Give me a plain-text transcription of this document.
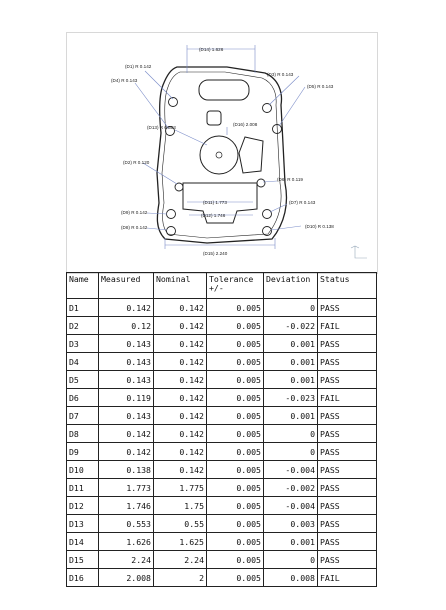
(D14) 1.626
(D1) R 0.142
(D4) R 0.143
(D3) R 0.143
(D5) R 0.143
(D13) R 0.553
(D16) 2.008
(D2) R 0.120
(D6) R 0.119
(D11) 1.773	(D7) R 0.143
(D9) R 0.142
(D12) 1.746
(D10) R 0.138
(D8) R 0.142
(D15) 2.240
Name	Measured	Nominal	Tolerance +/-	Deviation	Status
D1	0.142	0.142	0.005	0	PASS
D2	0.12	0.142	0.005	-0.022	FAIL
D3	0.143	0.142	0.005	0.001	PASS
D4	0.143	0.142	0.005	0.001	PASS
D5	0.143	0.142	0.005	0.001	PASS
D6	0.119	0.142	0.005	-0.023	FAIL
D7	0.143	0.142	0.005	0.001	PASS
D8	0.142	0.142	0.005	0	PASS
D9	0.142	0.142	0.005	0	PASS
D10	0.138	0.142	0.005	-0.004	PASS
D11	1.773	1.775	0.005	-0.002	PASS
D12	1.746	1.75	0.005	-0.004	PASS
D13	0.553	0.55	0.005	0.003	PASS
D14	1.626	1.625	0.005	0.001	PASS
D15	2.24	2.24	0.005	0	PASS
D16	2.008	2	0.005	0.008	FAIL
